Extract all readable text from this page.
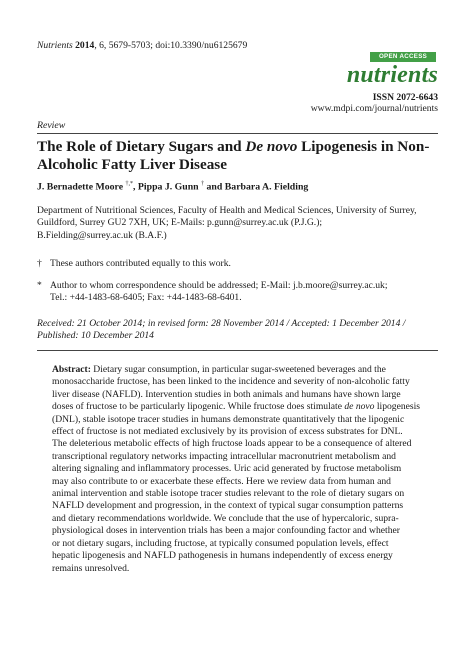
Nutrients 2014, 6, 5679-5703; doi:10.3390/nu6125679
OPEN ACCESS
nutrients
ISSN 2072-6643
www.mdpi.com/journal/nutrients
Review
The Role of Dietary Sugars and De novo Lipogenesis in Non-Alcoholic Fatty Liver Disease
J. Bernadette Moore †,*, Pippa J. Gunn † and Barbara A. Fielding
Department of Nutritional Sciences, Faculty of Health and Medical Sciences, University of Surrey,
Guildford, Surrey GU2 7XH, UK; E-Mails: p.gunn@surrey.ac.uk (P.J.G.);
B.Fielding@surrey.ac.uk (B.A.F.)
† These authors contributed equally to this work.
* Author to whom correspondence should be addressed; E-Mail: j.b.moore@surrey.ac.uk;
Tel.: +44-1483-68-6405; Fax: +44-1483-68-6401.
Received: 21 October 2014; in revised form: 28 November 2014 / Accepted: 1 December 2014 /
Published: 10 December 2014
Abstract: Dietary sugar consumption, in particular sugar-sweetened beverages and the
monosaccharide fructose, has been linked to the incidence and severity of non-alcoholic fatty
liver disease (NAFLD). Intervention studies in both animals and humans have shown large
doses of fructose to be particularly lipogenic. While fructose does stimulate de novo lipogenesis
(DNL), stable isotope tracer studies in humans demonstrate quantitatively that the lipogenic
effect of fructose is not mediated exclusively by its provision of excess substrates for DNL.
The deleterious metabolic effects of high fructose loads appear to be a consequence of altered
transcriptional regulatory networks impacting intracellular macronutrient metabolism and
altering signaling and inflammatory processes. Uric acid generated by fructose metabolism
may also contribute to or exacerbate these effects. Here we review data from human and
animal intervention and stable isotope tracer studies relevant to the role of dietary sugars on
NAFLD development and progression, in the context of typical sugar consumption patterns
and dietary recommendations worldwide. We conclude that the use of hypercaloric, supra-
physiological doses in intervention trials has been a major confounding factor and whether
or not dietary sugars, including fructose, at typically consumed population levels, effect
hepatic lipogenesis and NAFLD pathogenesis in humans independently of excess energy
remains unresolved.
